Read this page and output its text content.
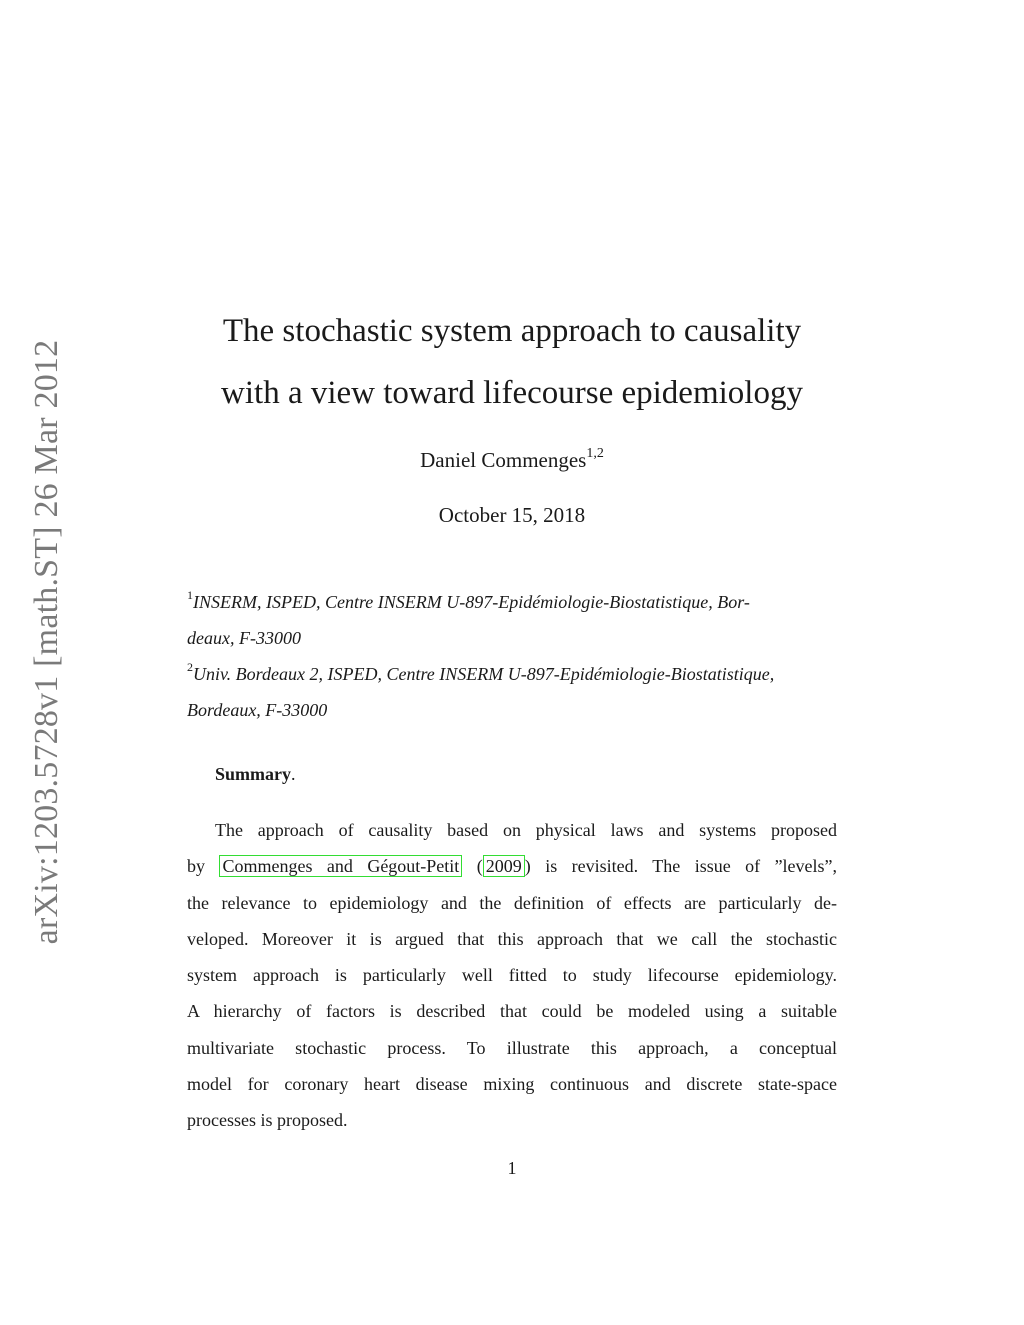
arXiv:1203.5728v1 [math.ST] 26 Mar 2012
The stochastic system approach to causality
with a view toward lifecourse epidemiology
Daniel Commenges$^{1,2}$
October 15, 2018
$^1$INSERM, ISPED, Centre INSERM U-897-Epidémiologie-Biostatistique, Bor-
deaux, F-33000
$^2$Univ. Bordeaux 2, ISPED, Centre INSERM U-897-Epidémiologie-Biostatistique,
Bordeaux, F-33000
Summary.
The approach of causality based on physical laws and systems proposed
by Commenges and Gégout-Petit ( 2009 ) is revisited. The issue of ”levels”,
the relevance to epidemiology and the definition of effects are particularly de-
veloped. Moreover it is argued that this approach that we call the stochastic
system approach is particularly well fitted to study lifecourse epidemiology.
A hierarchy of factors is described that could be modeled using a suitable
multivariate stochastic process. To illustrate this approach, a conceptual
model for coronary heart disease mixing continuous and discrete state-space
processes is proposed.
1
